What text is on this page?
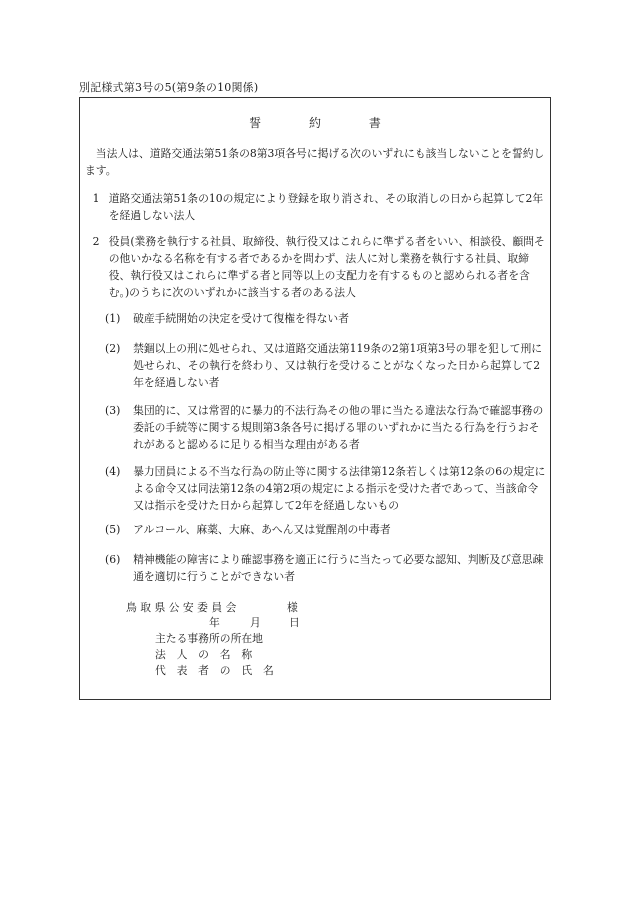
別記様式第3号の5(第9条の10関係)
誓	約	書
当法人は、道路交通法第51条の8第3項各号に掲げる次のいずれにも該当しないことを誓約します。
1 道路交通法第51条の10の規定により登録を取り消され、その取消しの日から起算して2年を経過しない法人
2 役員(業務を執行する社員、取締役、執行役又はこれらに準ずる者をいい、相談役、顧問その他いかなる名称を有する者であるかを問わず、法人に対し業務を執行する社員、取締役、執行役又はこれらに準ずる者と同等以上の支配力を有するものと認められる者を含む。)のうちに次のいずれかに該当する者のある法人
(1) 破産手続開始の決定を受けて復権を得ない者
(2) 禁錮以上の刑に処せられ、又は道路交通法第119条の2第1項第3号の罪を犯して刑に処せられ、その執行を終わり、又は執行を受けることがなくなった日から起算して2年を経過しない者
(3) 集団的に、又は常習的に暴力的不法行為その他の罪に当たる違法な行為で確認事務の委託の手続等に関する規則第3条各号に掲げる罪のいずれかに当たる行為を行うおそれがあると認めるに足りる相当な理由がある者
(4) 暴力団員による不当な行為の防止等に関する法律第12条若しくは第12条の6の規定による命令又は同法第12条の4第2項の規定による指示を受けた者であって、当該命令又は指示を受けた日から起算して2年を経過しないもの
(5) アルコール、麻薬、大麻、あへん又は覚醒剤の中毒者
(6) 精神機能の障害により確認事務を適正に行うに当たって必要な認知、判断及び意思疎通を適切に行うことができない者
鳥 取 県 公 安 委 員 会	様
年	月	日
主たる事務所の所在地
法　人　の　名　称
代　表　者　の　氏　名
